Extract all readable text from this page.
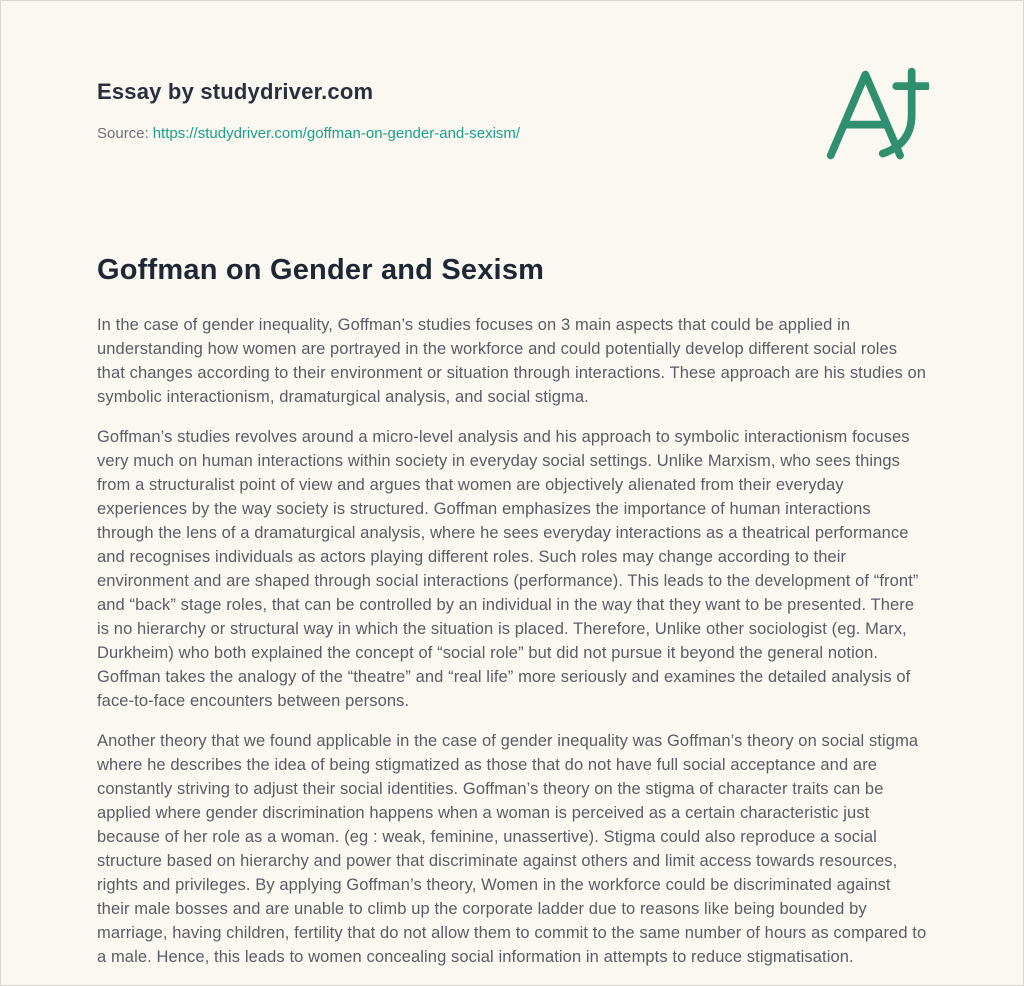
Essay by studydriver.com
Source: https://studydriver.com/goffman-on-gender-and-sexism/
Goffman on Gender and Sexism

In the case of gender inequality, Goffman’s studies focuses on 3 main aspects that could be applied in understanding how women are portrayed in the workforce and could potentially develop different social roles that changes according to their environment or situation through interactions. These approach are his studies on symbolic interactionism, dramaturgical analysis, and social stigma.

Goffman’s studies revolves around a micro-level analysis and his approach to symbolic interactionism focuses very much on human interactions within society in everyday social settings. Unlike Marxism, who sees things from a structuralist point of view and argues that women are objectively alienated from their everyday experiences by the way society is structured. Goffman emphasizes the importance of human interactions through the lens of a dramaturgical analysis, where he sees everyday interactions as a theatrical performance and recognises individuals as actors playing different roles. Such roles may change according to their environment and are shaped through social interactions (performance). This leads to the development of “front” and “back” stage roles, that can be controlled by an individual in the way that they want to be presented. There is no hierarchy or structural way in which the situation is placed. Therefore, Unlike other sociologist (eg. Marx, Durkheim) who both explained the concept of “social role” but did not pursue it beyond the general notion. Goffman takes the analogy of the “theatre” and “real life” more seriously and examines the detailed analysis of face-to-face encounters between persons.

Another theory that we found applicable in the case of gender inequality was Goffman’s theory on social stigma where he describes the idea of being stigmatized as those that do not have full social acceptance and are constantly striving to adjust their social identities. Goffman’s theory on the stigma of character traits can be applied where gender discrimination happens when a woman is perceived as a certain characteristic just because of her role as a woman. (eg : weak, feminine, unassertive). Stigma could also reproduce a social structure based on hierarchy and power that discriminate against others and limit access towards resources, rights and privileges. By applying Goffman’s theory, Women in the workforce could be discriminated against their male bosses and are unable to climb up the corporate ladder due to reasons like being bounded by marriage, having children, fertility that do not allow them to commit to the same number of hours as compared to a male. Hence, this leads to women concealing social information in attempts to reduce stigmatisation.
